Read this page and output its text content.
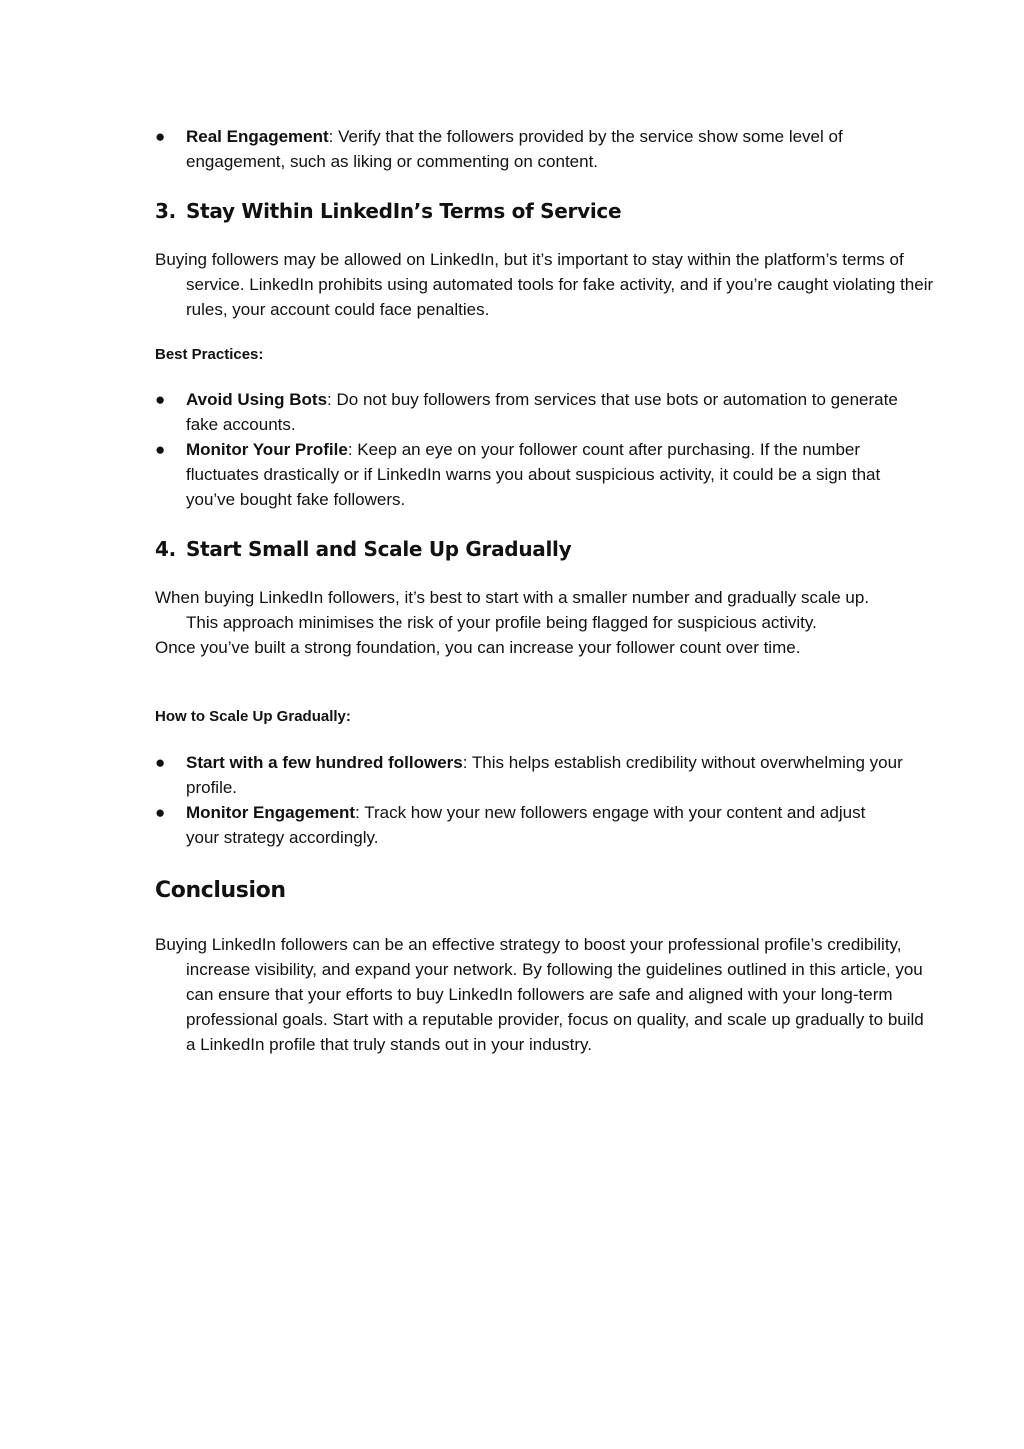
●	Real Engagement: Verify that the followers provided by the service show some level of engagement, such as liking or commenting on content.
3. Stay Within LinkedIn’s Terms of Service
Buying followers may be allowed on LinkedIn, but it’s important to stay within the platform’s terms of service. LinkedIn prohibits using automated tools for fake activity, and if you’re caught violating their rules, your account could face penalties.
Best Practices:
●	Avoid Using Bots: Do not buy followers from services that use bots or automation to generate fake accounts.
●	Monitor Your Profile: Keep an eye on your follower count after purchasing. If the number fluctuates drastically or if LinkedIn warns you about suspicious activity, it could be a sign that you’ve bought fake followers.
4. Start Small and Scale Up Gradually
When buying LinkedIn followers, it’s best to start with a smaller number and gradually scale up. This approach minimises the risk of your profile being flagged for suspicious activity.
Once you’ve built a strong foundation, you can increase your follower count over time.
How to Scale Up Gradually:
●	Start with a few hundred followers: This helps establish credibility without overwhelming your profile.
●	Monitor Engagement: Track how your new followers engage with your content and adjust your strategy accordingly.
Conclusion
Buying LinkedIn followers can be an effective strategy to boost your professional profile’s credibility, increase visibility, and expand your network. By following the guidelines outlined in this article, you can ensure that your efforts to buy LinkedIn followers are safe and aligned with your long-term professional goals. Start with a reputable provider, focus on quality, and scale up gradually to build a LinkedIn profile that truly stands out in your industry.
